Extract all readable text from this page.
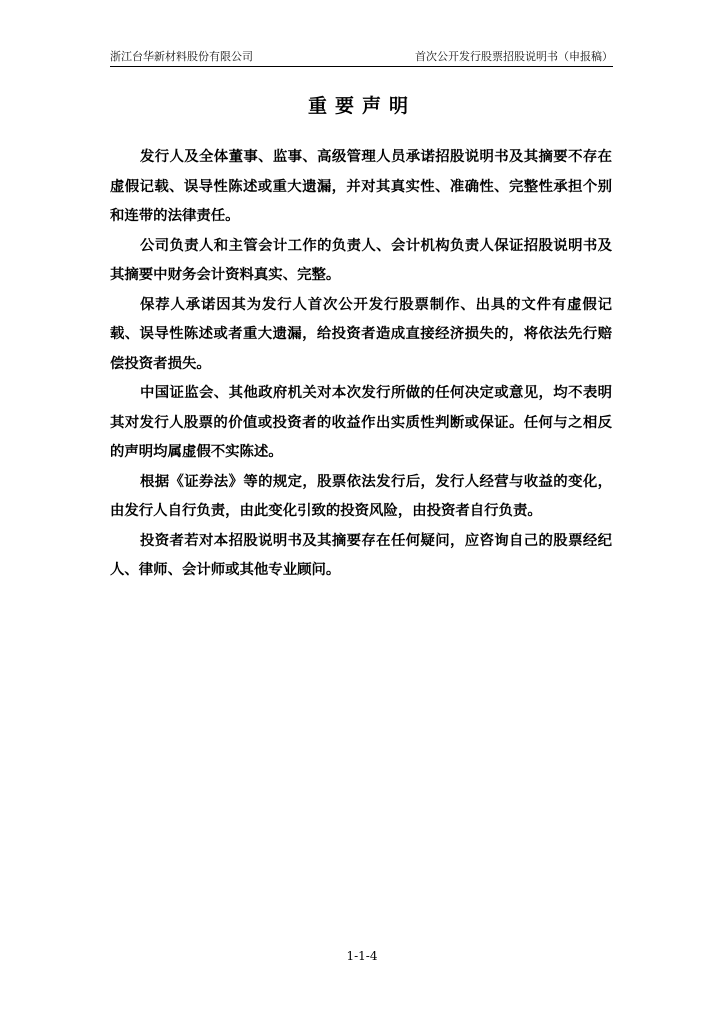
浙江台华新材料股份有限公司	首次公开发行股票招股说明书（申报稿）
重要声明

发行人及全体董事、监事、高级管理人员承诺招股说明书及其摘要不存在虚假记载、误导性陈述或重大遗漏，并对其真实性、准确性、完整性承担个别和连带的法律责任。

公司负责人和主管会计工作的负责人、会计机构负责人保证招股说明书及其摘要中财务会计资料真实、完整。

保荐人承诺因其为发行人首次公开发行股票制作、出具的文件有虚假记载、误导性陈述或者重大遗漏，给投资者造成直接经济损失的，将依法先行赔偿投资者损失。

中国证监会、其他政府机关对本次发行所做的任何决定或意见，均不表明其对发行人股票的价值或投资者的收益作出实质性判断或保证。任何与之相反的声明均属虚假不实陈述。

根据《证券法》等的规定，股票依法发行后，发行人经营与收益的变化，由发行人自行负责，由此变化引致的投资风险，由投资者自行负责。

投资者若对本招股说明书及其摘要存在任何疑问，应咨询自己的股票经纪人、律师、会计师或其他专业顾问。

1-1-4
